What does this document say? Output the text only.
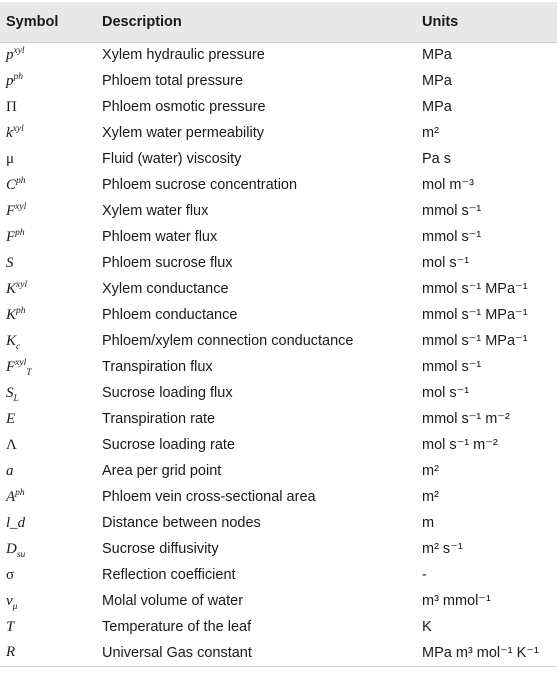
Symbol	Description	Units
$p^{xyl}$	Xylem hydraulic pressure	MPa
$p^{ph}$	Phloem total pressure	MPa
Π	Phloem osmotic pressure	MPa
$k^{xyl}$	Xylem water permeability	m²
μ	Fluid (water) viscosity	Pa s
$C^{ph}$	Phloem sucrose concentration	mol m⁻³
$F^{xyl}$	Xylem water flux	mmol s⁻¹
$F^{ph}$	Phloem water flux	mmol s⁻¹
S	Phloem sucrose flux	mol s⁻¹
$K^{xyl}$	Xylem conductance	mmol s⁻¹ MPa⁻¹
$K^{ph}$	Phloem conductance	mmol s⁻¹ MPa⁻¹
$K_c$	Phloem/xylem connection conductance	mmol s⁻¹ MPa⁻¹
$F^{xyl}_T$	Transpiration flux	mmol s⁻¹
$S_L$	Sucrose loading flux	mol s⁻¹
E	Transpiration rate	mmol s⁻¹ m⁻²
Λ	Sucrose loading rate	mol s⁻¹ m⁻²
a	Area per grid point	m²
$A^{ph}$	Phloem vein cross-sectional area	m²
l_d	Distance between nodes	m
$D_{su}$	Sucrose diffusivity	m² s⁻¹
σ	Reflection coefficient	-
$v_\mu$	Molal volume of water	m³ mmol⁻¹
T	Temperature of the leaf	K
R	Universal Gas constant	MPa m³ mol⁻¹ K⁻¹
